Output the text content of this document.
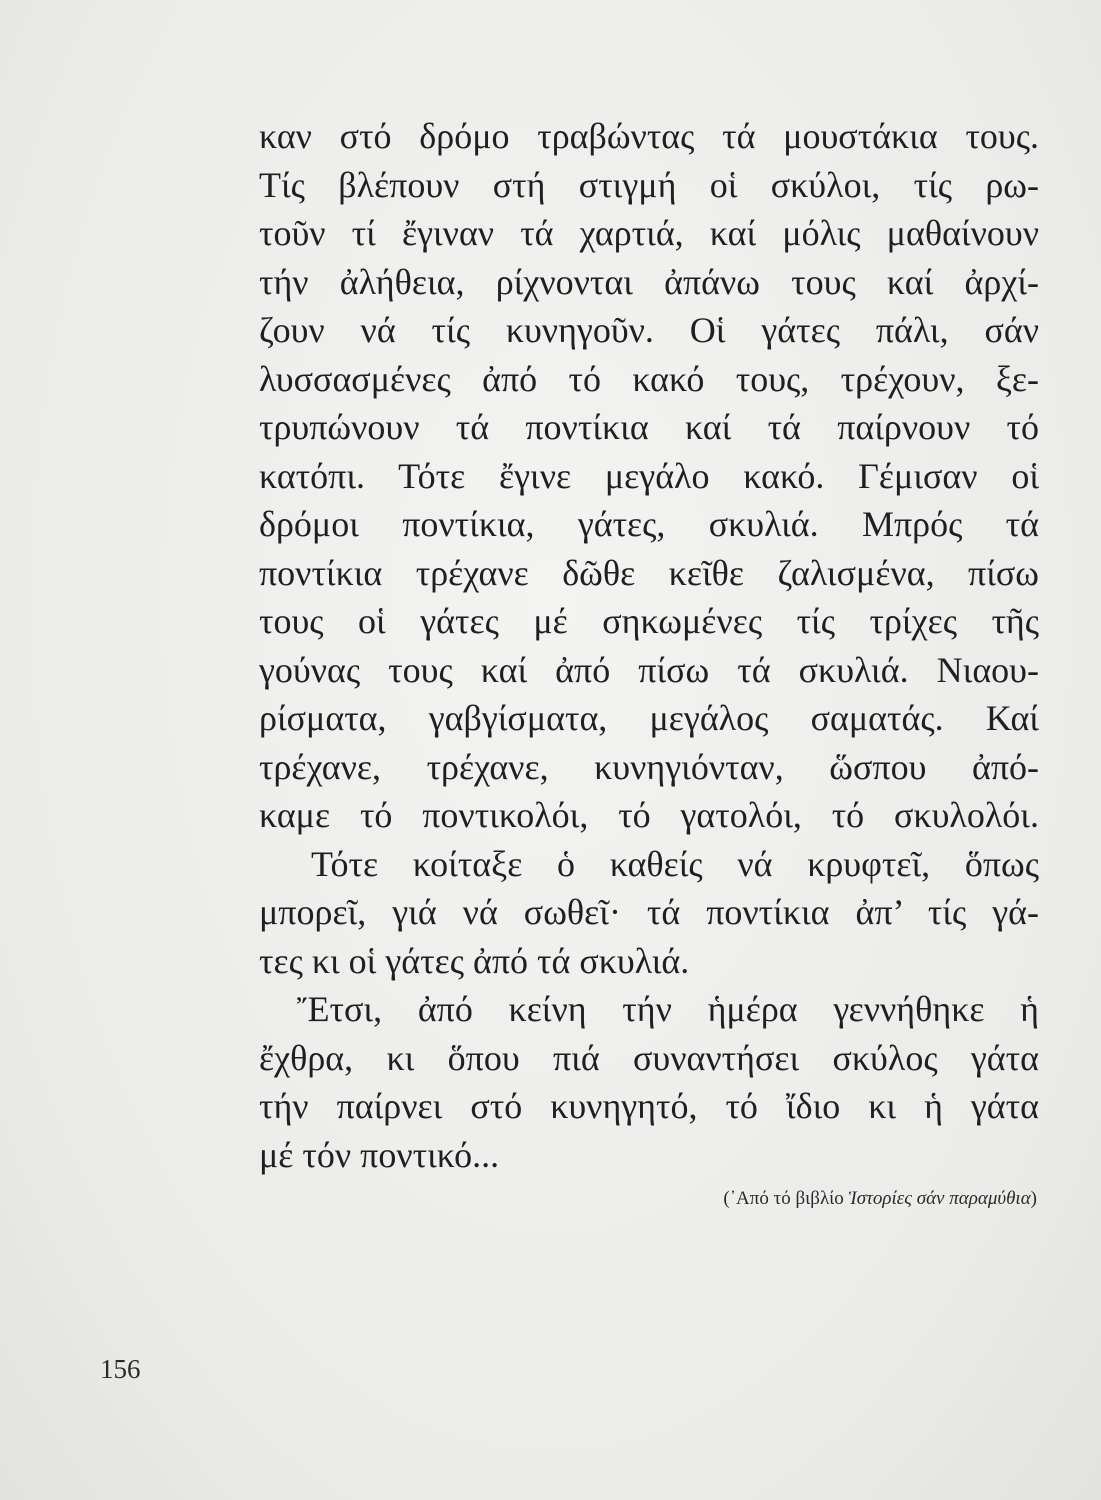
καν στό δρόμο τραβώντας τά μουστάκια τους.
Τίς βλέπουν στή στιγμή οἱ σκύλοι, τίς ρω-
τοῦν τί ἔγιναν τά χαρτιά, καί μόλις μαθαίνουν
τήν ἀλήθεια, ρίχνονται ἀπάνω τους καί ἀρχί-
ζουν νά τίς κυνηγοῦν. Οἱ γάτες πάλι, σάν
λυσσασμένες ἀπό τό κακό τους, τρέχουν, ξε-
τρυπώνουν τά ποντίκια καί τά παίρνουν τό
κατόπι. Τότε ἔγινε μεγάλο κακό. Γέμισαν οἱ
δρόμοι ποντίκια, γάτες, σκυλιά. Μπρός τά
ποντίκια τρέχανε δῶθε κεῖθε ζαλισμένα, πίσω
τους οἱ γάτες μέ σηκωμένες τίς τρίχες τῆς
γούνας τους καί ἀπό πίσω τά σκυλιά. Νιαου-
ρίσματα, γαβγίσματα, μεγάλος σαματάς. Καί
τρέχανε, τρέχανε, κυνηγιόνταν, ὥσπου ἀπό-
καμε τό ποντικολόι, τό γατολόι, τό σκυλολόι.
Τότε κοίταξε ὁ καθείς νά κρυφτεῖ, ὅπως
μπορεῖ, γιά νά σωθεῖ· τά ποντίκια ἀπ’ τίς γά-
τες κι οἱ γάτες ἀπό τά σκυλιά.
Ἔτσι, ἀπό κείνη τήν ἡμέρα γεννήθηκε ἡ
ἔχθρα, κι ὅπου πιά συναντήσει σκύλος γάτα
τήν παίρνει στό κυνηγητό, τό ἴδιο κι ἡ γάτα
μέ τόν ποντικό...
(᾿Από τό βιβλίο Ἱστορίες σάν παραμύθια)
156
